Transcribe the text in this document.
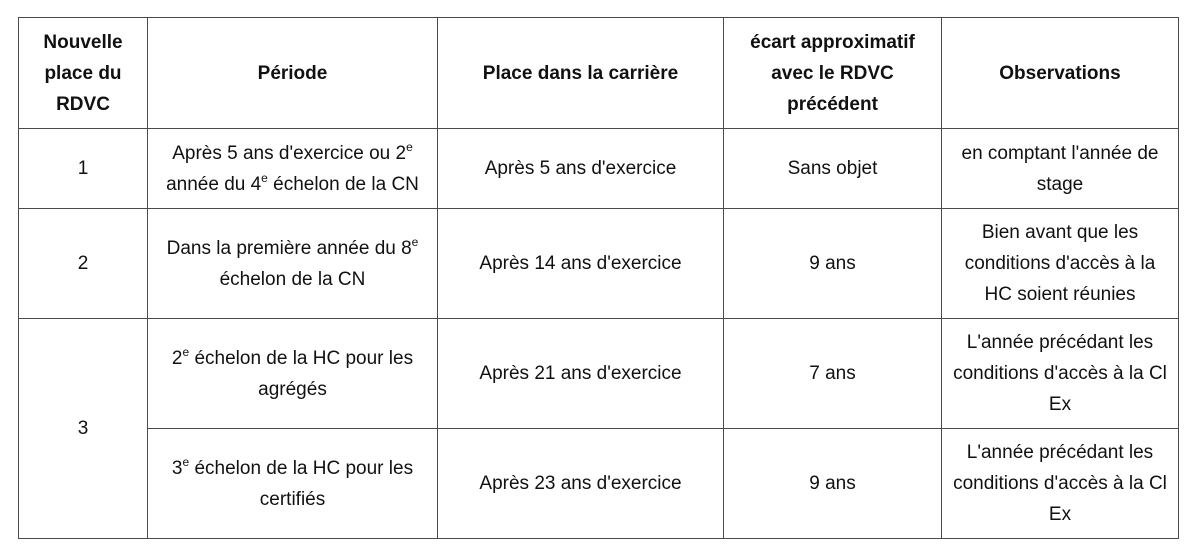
Nouvelle place du RDVC	Période	Place dans la carrière	écart approximatif avec le RDVC précédent	Observations
1	Après 5 ans d'exercice ou 2e année du 4e échelon de la CN	Après 5 ans d'exercice	Sans objet	en comptant l'année de stage
2	Dans la première année du 8e échelon de la CN	Après 14 ans d'exercice	9 ans	Bien avant que les conditions d'accès à la HC soient réunies
3	2e échelon de la HC pour les agrégés	Après 21 ans d'exercice	7 ans	L'année précédant les conditions d'accès à la Cl Ex
	3e échelon de la HC pour les certifiés	Après 23 ans d'exercice	9 ans	L'année précédant les conditions d'accès à la Cl Ex
